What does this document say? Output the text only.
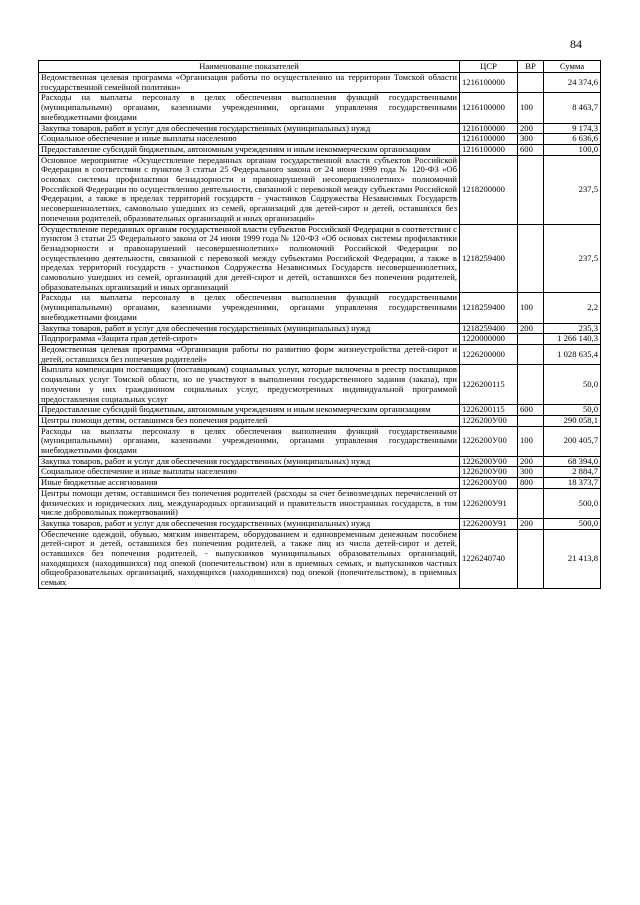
84
Наименование показателей	ЦСР	ВР	Сумма
Ведомственная целевая программа «Организация работы по осуществлению на территории Томской области государственной семейной политики»	1216100000		24 374,6
Расходы на выплаты персоналу в целях обеспечения выполнения функций государственными (муниципальными) органами, казенными учреждениями, органами управления государственными внебюджетными фондами	1216100000	100	8 463,7
Закупка товаров, работ и услуг для обеспечения государственных (муниципальных) нужд	1216100000	200	9 174,3
Социальное обеспечение и иные выплаты населению	1216100000	300	6 636,6
Предоставление субсидий бюджетным, автономным учреждениям и иным некоммерческим организациям	1216100000	600	100,0
Основное мероприятие «Осуществление переданных органам государственной власти субъектов Российской Федерации в соответствии с пунктом 3 статьи 25 Федерального закона от 24 июня 1999 года № 120-ФЗ «Об основах системы профилактики безнадзорности и правонарушений несовершеннолетних» полномочий Российской Федерации по осуществлению деятельности, связанной с перевозкой между субъектами Российской Федерации, а также в пределах территорий государств - участников Содружества Независимых Государств несовершеннолетних, самовольно ушедших из семей, организаций для детей-сирот и детей, оставшихся без попечения родителей, образовательных организаций и иных организаций»	1218200000		237,5
Осуществление переданных органам государственной власти субъектов Российской Федерации в соответствии с пунктом 3 статьи 25 Федерального закона от 24 июня 1999 года № 120-ФЗ «Об основах системы профилактики безнадзорности и правонарушений несовершеннолетних» полномочий Российской Федерации по осуществлению деятельности, связанной с перевозкой между субъектами Российской Федерации, а также в пределах территорий государств - участников Содружества Независимых Государств несовершеннолетних, самовольно ушедших из семей, организаций для детей-сирот и детей, оставшихся без попечения родителей, образовательных организаций и иных организаций	1218259400		237,5
Расходы на выплаты персоналу в целях обеспечения выполнения функций государственными (муниципальными) органами, казенными учреждениями, органами управления государственными внебюджетными фондами	1218259400	100	2,2
Закупка товаров, работ и услуг для обеспечения государственных (муниципальных) нужд	1218259400	200	235,3
Подпрограмма «Защита прав детей-сирот»	1220000000		1 266 140,3
Ведомственная целевая программа «Организация работы по развитию форм жизнеустройства детей-сирот и детей, оставшихся без попечения родителей»	1226200000		1 028 635,4
Выплата компенсации поставщику (поставщикам) социальных услуг, которые включены в реестр поставщиков социальных услуг Томской области, но не участвуют в выполнении государственного задания (заказа), при получении у них гражданином социальных услуг, предусмотренных индивидуальной программой предоставления социальных услуг	1226200115		50,0
Предоставление субсидий бюджетным, автономным учреждениям и иным некоммерческим организациям	1226200115	600	50,0
Центры помощи детям, оставшимся без попечения родителей	1226200У00		290 058,1
Расходы на выплаты персоналу в целях обеспечения выполнения функций государственными (муниципальными) органами, казенными учреждениями, органами управления государственными внебюджетными фондами	1226200У00	100	200 405,7
Закупка товаров, работ и услуг для обеспечения государственных (муниципальных) нужд	1226200У00	200	68 394,0
Социальное обеспечение и иные выплаты населению	1226200У00	300	2 884,7
Иные бюджетные ассигнования	1226200У00	800	18 373,7
Центры помощи детям, оставшимся без попечения родителей (расходы за счет безвозмездных перечислений от физических и юридических лиц, международных организаций и правительств иностранных государств, в том числе добровольных пожертвований)	1226200У91		500,0
Закупка товаров, работ и услуг для обеспечения государственных (муниципальных) нужд	1226200У91	200	500,0
Обеспечение одеждой, обувью, мягким инвентарем, оборудованием и единовременным денежным пособием детей-сирот и детей, оставшихся без попечения родителей, а также лиц из числа детей-сирот и детей, оставшихся без попечения родителей, - выпускников муниципальных образовательных организаций, находящихся (находившихся) под опекой (попечительством) или в приемных семьях, и выпускников частных общеобразовательных организаций, находящихся (находившихся) под опекой (попечительством), в приемных семьях	1226240740		21 413,8
